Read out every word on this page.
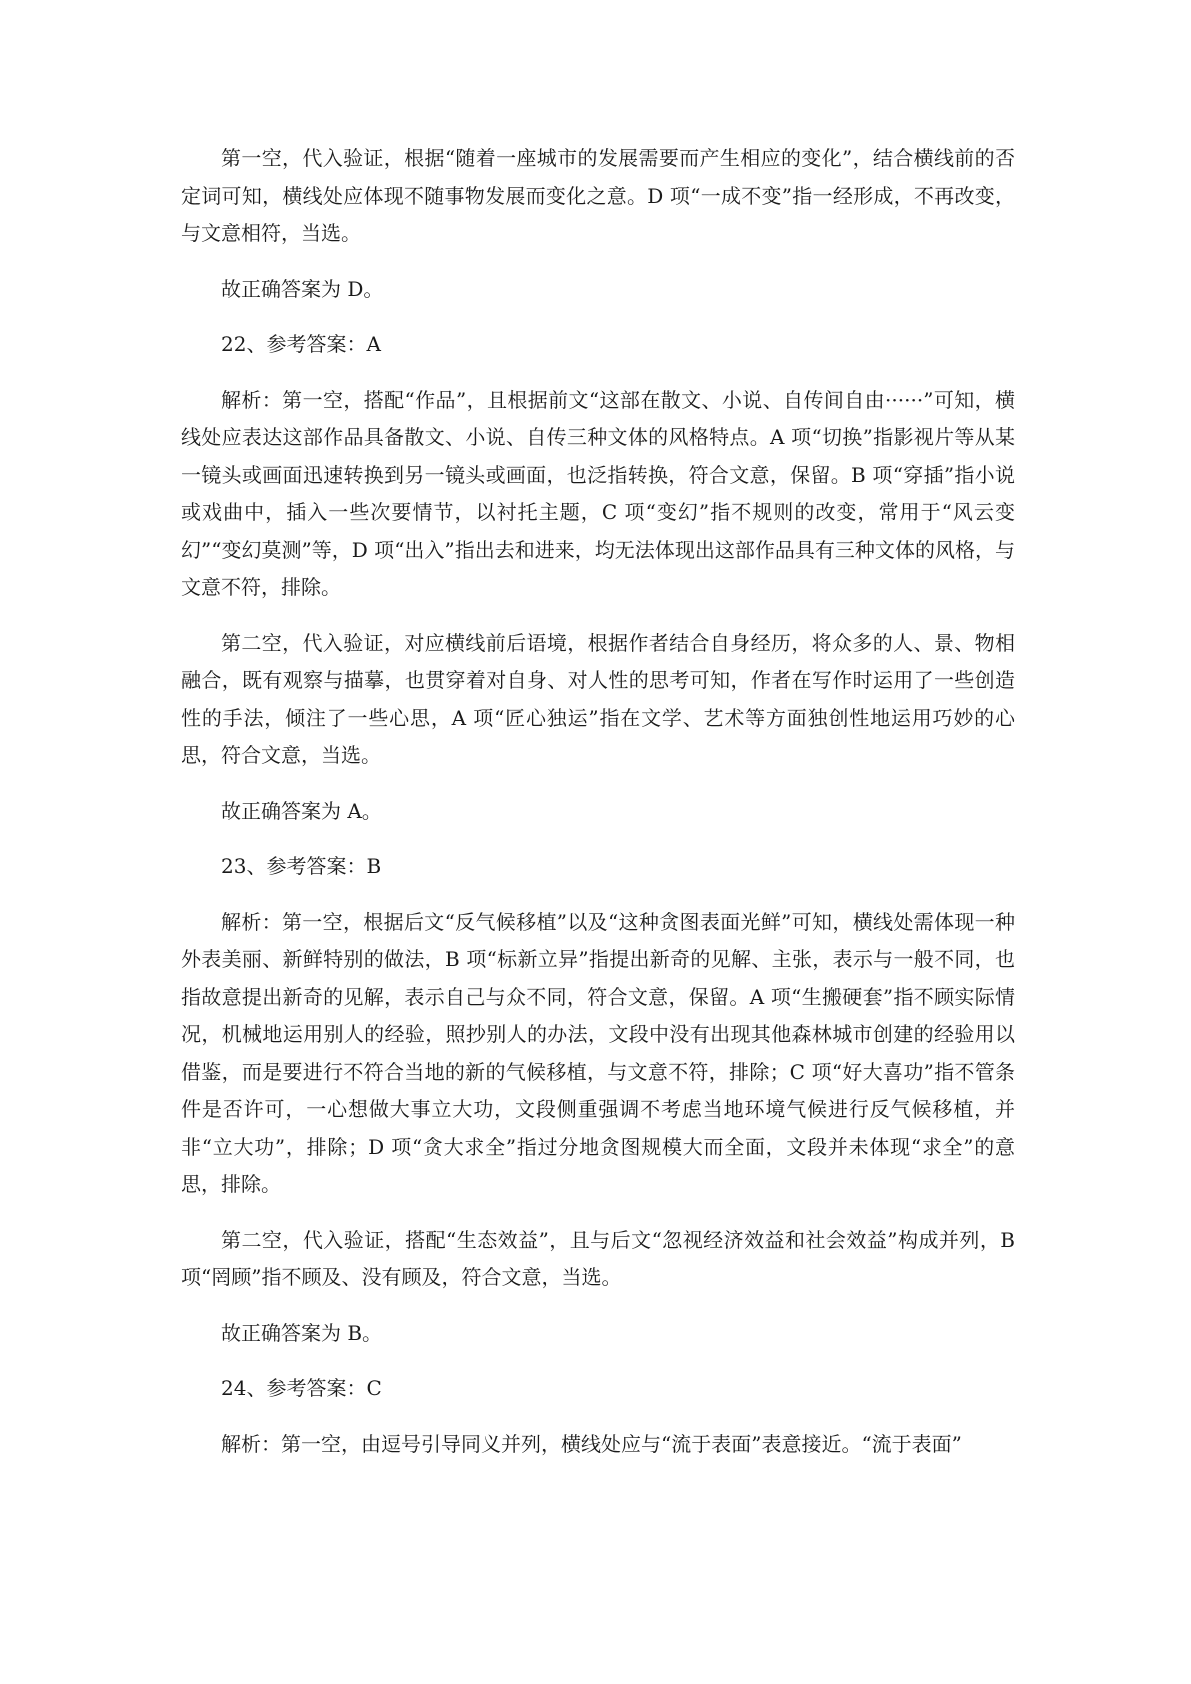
第一空，代入验证，根据“随着一座城市的发展需要而产生相应的变化”，结合横线前的否定词可知，横线处应体现不随事物发展而变化之意。D 项“一成不变”指一经形成，不再改变，与文意相符，当选。

故正确答案为 D。

22、参考答案：A

解析：第一空，搭配“作品”，且根据前文“这部在散文、小说、自传间自由······”可知，横线处应表达这部作品具备散文、小说、自传三种文体的风格特点。A 项“切换”指影视片等从某一镜头或画面迅速转换到另一镜头或画面，也泛指转换，符合文意，保留。B 项“穿插”指小说或戏曲中，插入一些次要情节，以衬托主题，C 项“变幻”指不规则的改变，常用于“风云变幻”“变幻莫测”等，D 项“出入”指出去和进来，均无法体现出这部作品具有三种文体的风格，与文意不符，排除。

第二空，代入验证，对应横线前后语境，根据作者结合自身经历，将众多的人、景、物相融合，既有观察与描摹，也贯穿着对自身、对人性的思考可知，作者在写作时运用了一些创造性的手法，倾注了一些心思，A 项“匠心独运”指在文学、艺术等方面独创性地运用巧妙的心思，符合文意，当选。

故正确答案为 A。

23、参考答案：B

解析：第一空，根据后文“反气候移植”以及“这种贪图表面光鲜”可知，横线处需体现一种外表美丽、新鲜特别的做法，B 项“标新立异”指提出新奇的见解、主张，表示与一般不同，也指故意提出新奇的见解，表示自己与众不同，符合文意，保留。A 项“生搬硬套”指不顾实际情况，机械地运用别人的经验，照抄别人的办法，文段中没有出现其他森林城市创建的经验用以借鉴，而是要进行不符合当地的新的气候移植，与文意不符，排除；C 项“好大喜功”指不管条件是否许可，一心想做大事立大功，文段侧重强调不考虑当地环境气候进行反气候移植，并非“立大功”，排除；D 项“贪大求全”指过分地贪图规模大而全面，文段并未体现“求全”的意思，排除。

第二空，代入验证，搭配“生态效益”，且与后文“忽视经济效益和社会效益”构成并列，B 项“罔顾”指不顾及、没有顾及，符合文意，当选。

故正确答案为 B。

24、参考答案：C

解析：第一空，由逗号引导同义并列，横线处应与“流于表面”表意接近。“流于表面”
